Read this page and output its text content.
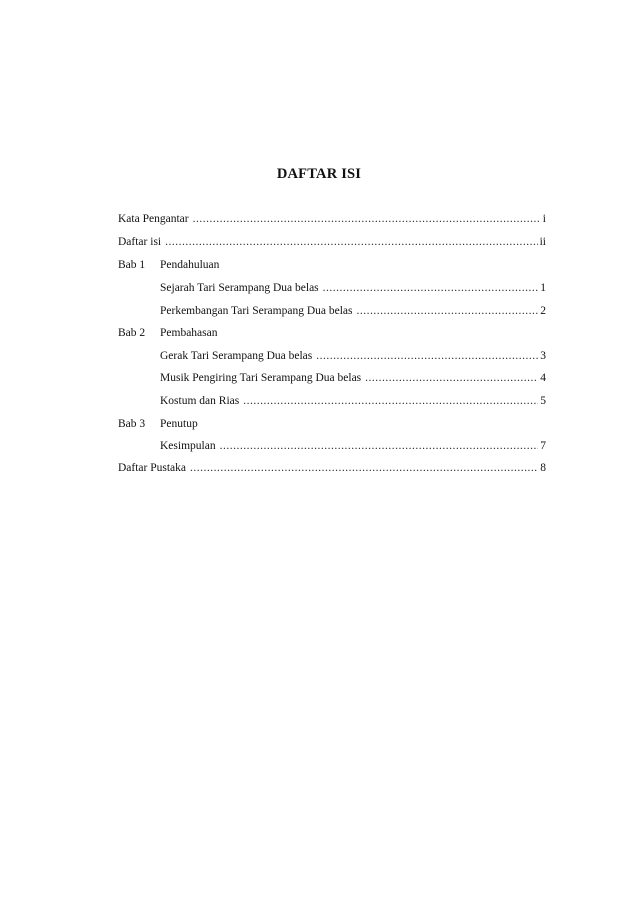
DAFTAR ISI
Kata Pengantar .....	i
Daftar isi .....	ii
Bab 1	Pendahuluan
Sejarah Tari Serampang Dua belas .....	1
Perkembangan Tari Serampang Dua belas .....	2
Bab 2	Pembahasan
Gerak Tari Serampang Dua belas .....	3
Musik Pengiring Tari Serampang Dua belas .....	4
Kostum dan Rias .....	5
Bab 3	Penutup
Kesimpulan .....	7
Daftar Pustaka .....	8
